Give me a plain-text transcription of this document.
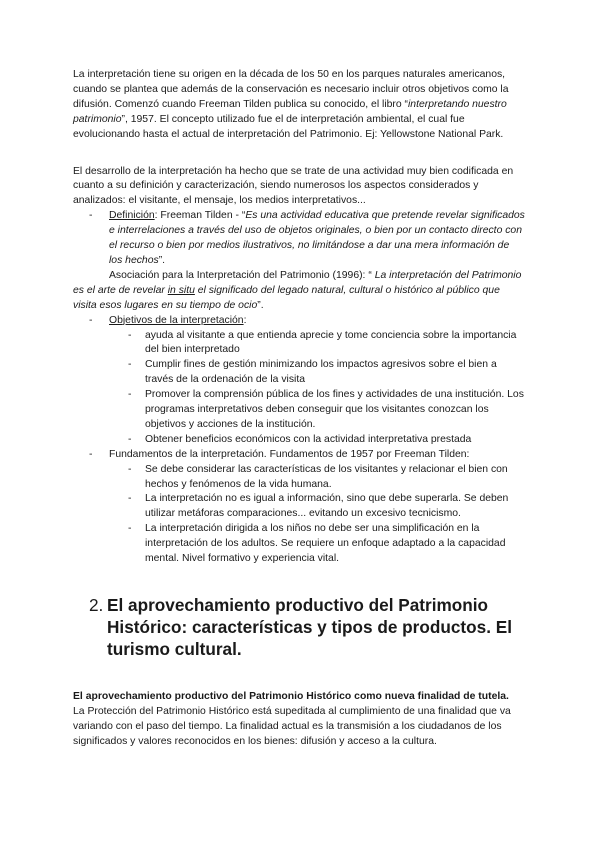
La interpretación tiene su origen en la década de los 50 en los parques naturales americanos, cuando se plantea que además de la conservación es necesario incluir otros objetivos como la difusión. Comenzó cuando Freeman Tilden publica su conocido, el libro “interpretando nuestro patrimonio”, 1957. El concepto utilizado fue el de interpretación ambiental, el cual fue evolucionando hasta el actual de interpretación del Patrimonio. Ej: Yellowstone National Park.

El desarrollo de la interpretación ha hecho que se trate de una actividad muy bien codificada en cuanto a su definición y caracterización, siendo numerosos los aspectos considerados y analizados: el visitante, el mensaje, los medios interpretativos...

- Definición: Freeman Tilden - “Es una actividad educativa que pretende revelar significados e interrelaciones a través del uso de objetos originales, o bien por un contacto directo con el recurso o bien por medios ilustrativos, no limitándose a dar una mera información de los hechos”.

Asociación para la Interpretación del Patrimonio (1996): “ La interpretación del Patrimonio es el arte de revelar in situ el significado del legado natural, cultural o histórico al público que visita esos lugares en su tiempo de ocio”.

- Objetivos de la interpretación:
- ayuda al visitante a que entienda aprecie y tome conciencia sobre la importancia del bien interpretado
- Cumplir fines de gestión minimizando los impactos agresivos sobre el bien a través de la ordenación de la visita
- Promover la comprensión pública de los fines y actividades de una institución. Los programas interpretativos deben conseguir que los visitantes conozcan los objetivos y acciones de la institución.
- Obtener beneficios económicos con la actividad interpretativa prestada
- Fundamentos de la interpretación. Fundamentos de 1957 por Freeman Tilden:
- Se debe considerar las características de los visitantes y relacionar el bien con hechos y fenómenos de la vida humana.
- La interpretación no es igual a información, sino que debe superarla. Se deben utilizar metáforas comparaciones... evitando un excesivo tecnicismo.
- La interpretación dirigida a los niños no debe ser una simplificación en la interpretación de los adultos. Se requiere un enfoque adaptado a la capacidad mental. Nivel formativo y experiencia vital.
2. El aprovechamiento productivo del Patrimonio Histórico: características y tipos de productos. El turismo cultural.

El aprovechamiento productivo del Patrimonio Histórico como nueva finalidad de tutela.

La Protección del Patrimonio Histórico está supeditada al cumplimiento de una finalidad que va variando con el paso del tiempo. La finalidad actual es la transmisión a los ciudadanos de los significados y valores reconocidos en los bienes: difusión y acceso a la cultura.
